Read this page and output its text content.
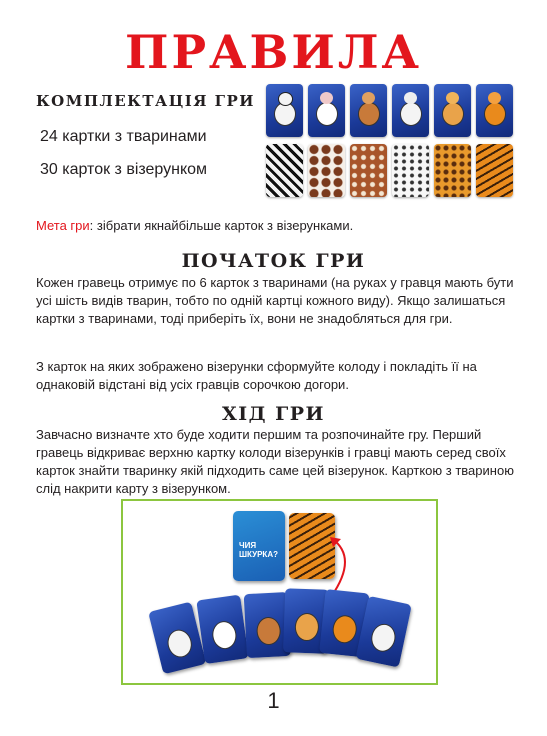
ПРАВИЛА
КОМПЛЕКТАЦІЯ ГРИ

24 картки з тваринами

30 карток з візерунком

Мета гри: зібрати якнайбільше карток з візерунками.

ПОЧАТОК ГРИ

Кожен гравець отримує по 6 карток з тваринами (на руках у гравця мають бути усі шість видів тварин, тобто по одній картці кожного виду). Якщо залишаться картки з тваринами, тоді приберіть їх, вони не знадобляться для гри.

З карток на яких зображено візерунки сформуйте колоду і покладіть її на однаковій відстані від усіх гравців сорочкою догори.

ХІД ГРИ

Завчасно визначте хто буде ходити першим та розпочинайте гру. Перший гравець відкриває верхню картку колоди візерунків і гравці мають серед своїх карток знайти тваринку якій підходить саме цей візерунок. Карткою з твариною слід накрити карту з візерунком.

ЧИЯ ШКУРКА?

1
